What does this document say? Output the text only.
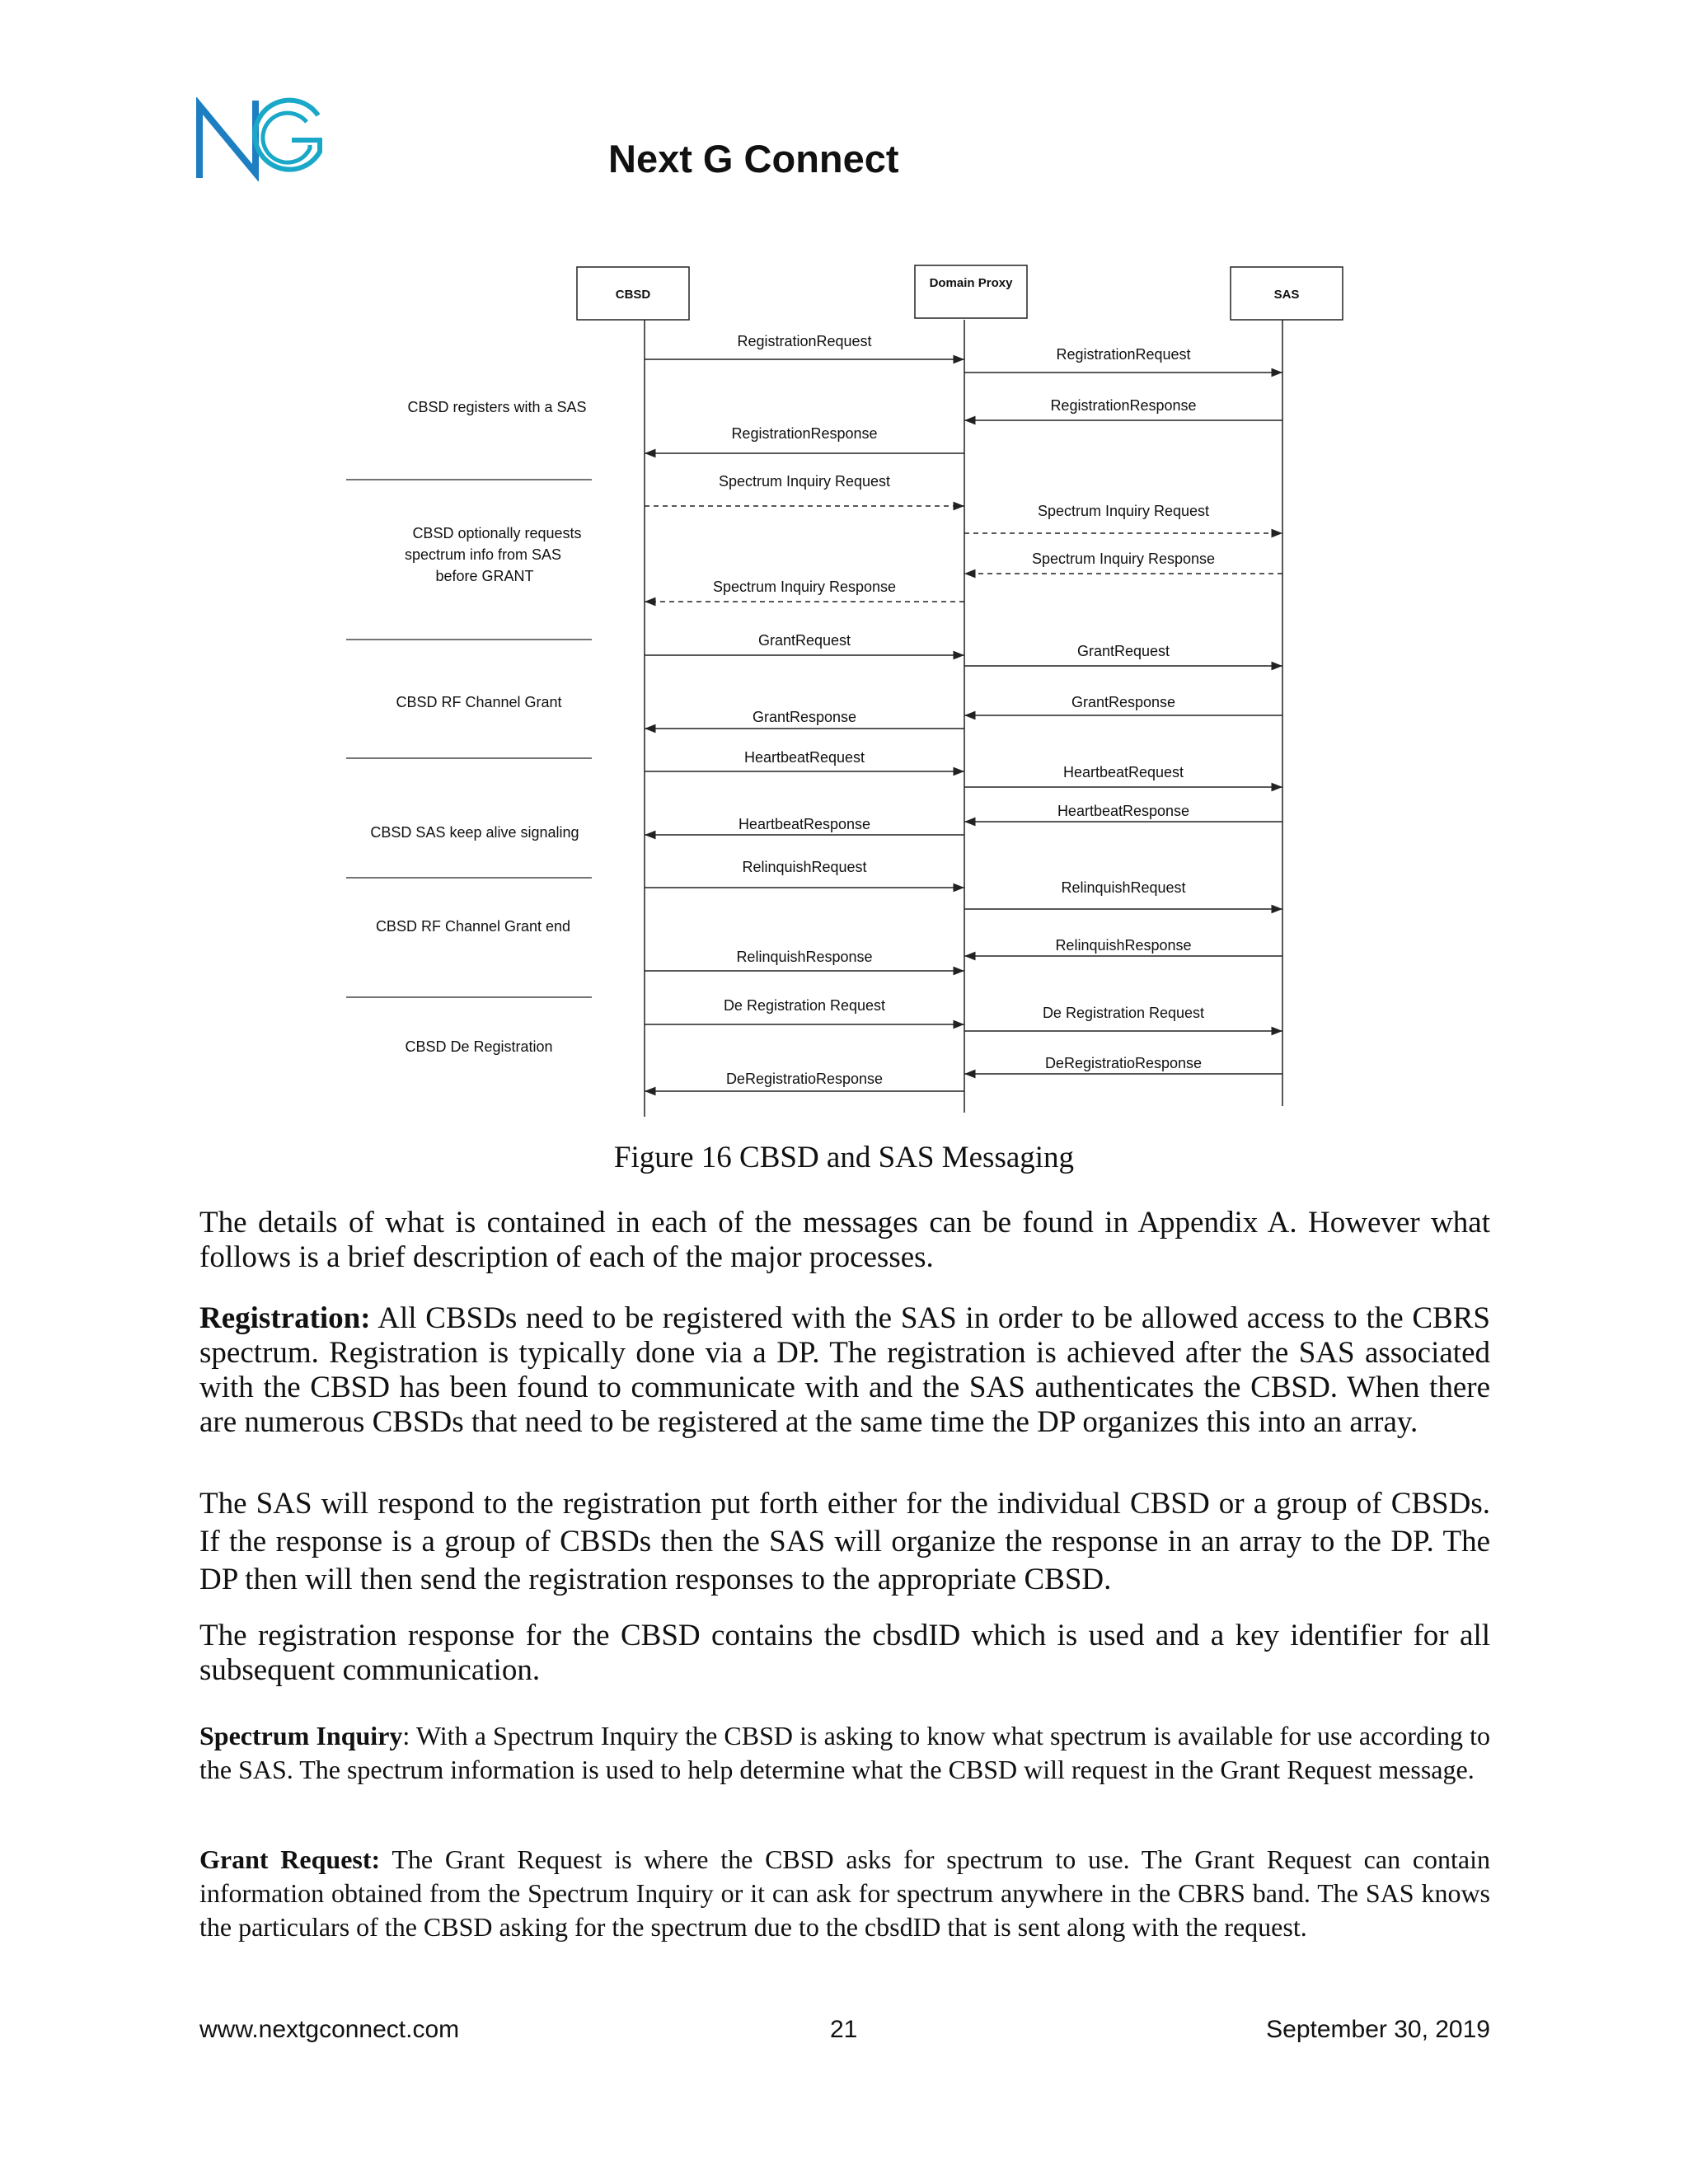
Next G Connect
CBSD
Domain Proxy
SAS
CBSD registers with a SAS
CBSD optionally requests
spectrum info from SAS
before GRANT
CBSD RF Channel Grant
CBSD SAS keep alive signaling
CBSD RF Channel Grant end
CBSD De Registration
RegistrationRequest
RegistrationRequest
RegistrationResponse
RegistrationResponse
Spectrum Inquiry Request
Spectrum Inquiry Request
Spectrum Inquiry Response
Spectrum Inquiry Response
GrantRequest
GrantRequest
GrantResponse
GrantResponse
HeartbeatRequest
HeartbeatRequest
HeartbeatResponse
HeartbeatResponse
RelinquishRequest
RelinquishRequest
RelinquishResponse
RelinquishResponse
De Registration Request	De Registration Request
DeRegistratioResponse
DeRegistratioResponse
Figure 16 CBSD and SAS Messaging

The details of what is contained in each of the messages can be found in Appendix A. However what follows is a brief description of each of the major processes.

Registration: All CBSDs need to be registered with the SAS in order to be allowed access to the CBRS spectrum. Registration is typically done via a DP. The registration is achieved after the SAS associated with the CBSD has been found to communicate with and the SAS authenticates the CBSD. When there are numerous CBSDs that need to be registered at the same time the DP organizes this into an array.

The SAS will respond to the registration put forth either for the individual CBSD or a group of CBSDs. If the response is a group of CBSDs then the SAS will organize the response in an array to the DP. The DP then will then send the registration responses to the appropriate CBSD.

The registration response for the CBSD contains the cbsdID which is used and a key identifier for all subsequent communication.

Spectrum Inquiry: With a Spectrum Inquiry the CBSD is asking to know what spectrum is available for use according to the SAS. The spectrum information is used to help determine what the CBSD will request in the Grant Request message.

Grant Request: The Grant Request is where the CBSD asks for spectrum to use. The Grant Request can contain information obtained from the Spectrum Inquiry or it can ask for spectrum anywhere in the CBRS band. The SAS knows the particulars of the CBSD asking for the spectrum due to the cbsdID that is sent along with the request.

www.nextgconnect.com	21	September 30, 2019
